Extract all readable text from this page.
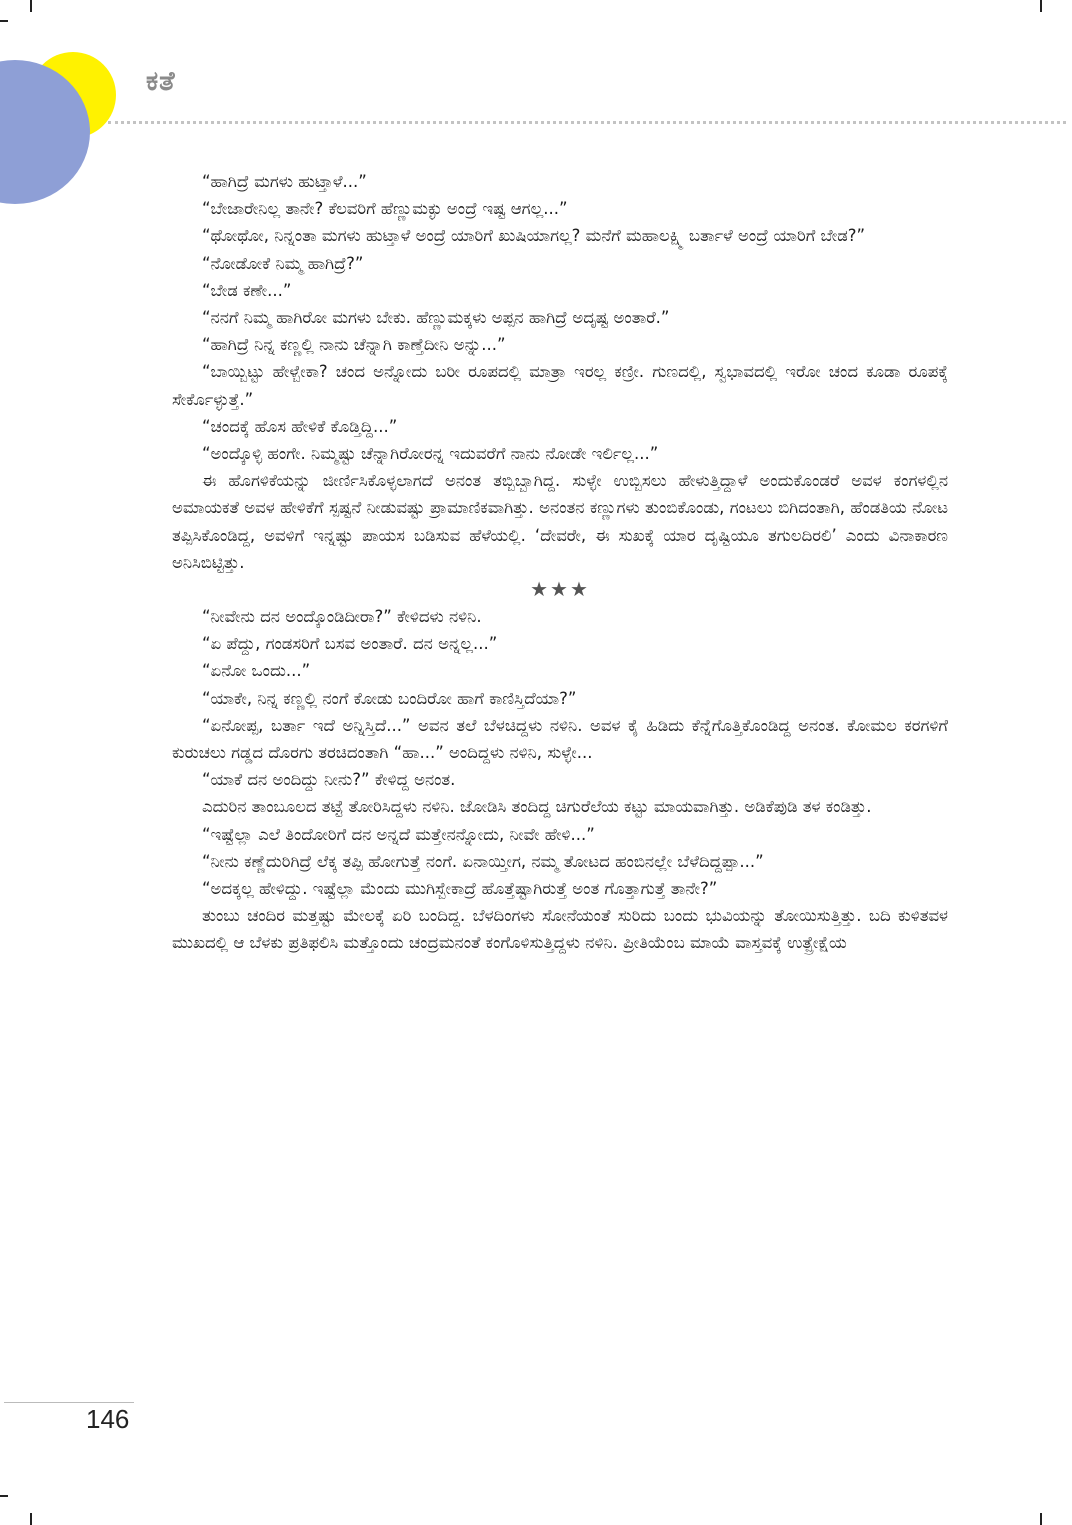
ಕತೆ

“ಹಾಗಿದ್ರೆ ಮಗಳು ಹುಟ್ತಾಳೆ...”

“ಬೇಜಾರೇನಿಲ್ಲ ತಾನೇ? ಕೆಲವರಿಗೆ ಹೆಣ್ಣುಮಕ್ಳು ಅಂದ್ರೆ ಇಷ್ಟ ಆಗಲ್ಲ...”

“ಥೋಥೋ, ನಿನ್ನಂತಾ ಮಗಳು ಹುಟ್ತಾಳೆ ಅಂದ್ರೆ ಯಾರಿಗೆ ಖುಷಿಯಾಗಲ್ಲ? ಮನೆಗೆ ಮಹಾಲಕ್ಷ್ಮಿ ಬರ್ತಾಳೆ ಅಂದ್ರೆ ಯಾರಿಗೆ ಬೇಡ?”

“ನೋಡೋಕೆ ನಿಮ್ಮ ಹಾಗಿದ್ರೆ?”

“ಬೇಡ ಕಣೇ...”

“ನನಗೆ ನಿಮ್ಮ ಹಾಗಿರೋ ಮಗಳು ಬೇಕು. ಹೆಣ್ಣುಮಕ್ಕಳು ಅಪ್ಪನ ಹಾಗಿದ್ರೆ ಅದೃಷ್ಟ ಅಂತಾರೆ.”

“ಹಾಗಿದ್ರೆ ನಿನ್ನ ಕಣ್ಣಲ್ಲಿ ನಾನು ಚೆನ್ನಾಗಿ ಕಾಣ್ತೆದೀನಿ ಅನ್ನು...”

“ಬಾಯ್ಬಿಟ್ಟು ಹೇಳ್ಬೇಕಾ? ಚಂದ ಅನ್ನೋದು ಬರೀ ರೂಪದಲ್ಲಿ ಮಾತ್ರಾ ಇರಲ್ಲ ಕಣ್ರೀ. ಗುಣದಲ್ಲಿ, ಸ್ವಭಾವದಲ್ಲಿ ಇರೋ ಚಂದ ಕೂಡಾ ರೂಪಕ್ಕೆ ಸೇರ್ಕೊಳ್ಳುತ್ತೆ.”

“ಚಂದಕ್ಕೆ ಹೊಸ ಹೇಳಿಕೆ ಕೊಡ್ತಿದ್ದಿ...”

“ಅಂದ್ಕೊಳ್ಳಿ ಹಂಗೇ. ನಿಮ್ಮಷ್ಟು ಚೆನ್ನಾಗಿರೋರನ್ನ ಇದುವರೆಗೆ ನಾನು ನೋಡೇ ಇರ್ಲಿಲ್ಲ...”

ಈ ಹೊಗಳಿಕೆಯನ್ನು ಜೀರ್ಣಿಸಿಕೊಳ್ಳಲಾಗದೆ ಅನಂತ ತಬ್ಬಿಬ್ಬಾಗಿದ್ದ. ಸುಳ್ಳೇ ಉಬ್ಬಿಸಲು ಹೇಳುತ್ತಿದ್ದಾಳೆ ಅಂದುಕೊಂಡರೆ ಅವಳ ಕಂಗಳಲ್ಲಿನ ಅಮಾಯಕತೆ ಅವಳ ಹೇಳಿಕೆಗೆ ಸ್ಪಷ್ಟನೆ ನೀಡುವಷ್ಟು ಪ್ರಾಮಾಣಿಕವಾಗಿತ್ತು. ಅನಂತನ ಕಣ್ಣುಗಳು ತುಂಬಿಕೊಂಡು, ಗಂಟಲು ಬಿಗಿದಂತಾಗಿ, ಹೆಂಡತಿಯ ನೋಟ ತಪ್ಪಿಸಿಕೊಂಡಿದ್ದ, ಅವಳಿಗೆ ಇನ್ನಷ್ಟು ಪಾಯಸ ಬಡಿಸುವ ಹೆಳೆಯಲ್ಲಿ. ‘ದೇವರೇ, ಈ ಸುಖಕ್ಕೆ ಯಾರ ದೃಷ್ಟಿಯೂ ತಗುಲದಿರಲಿ’ ಎಂದು ವಿನಾಕಾರಣ ಅನಿಸಿಬಿಟ್ಟಿತ್ತು.

★★★

“ನೀವೇನು ದನ ಅಂದ್ಕೊಂಡಿದೀರಾ?” ಕೇಳಿದಳು ನಳಿನಿ.

“ಏ ಪೆದ್ದು, ಗಂಡಸರಿಗೆ ಬಸವ ಅಂತಾರೆ. ದನ ಅನ್ನಲ್ಲ...”

“ಏನೋ ಒಂದು...”

“ಯಾಕೇ, ನಿನ್ನ ಕಣ್ಣಲ್ಲಿ ನಂಗೆ ಕೋಡು ಬಂದಿರೋ ಹಾಗೆ ಕಾಣಿಸ್ತಿದೆಯಾ?”

“ಏನೋಪ್ಪ, ಬರ್ತಾ ಇದೆ ಅನ್ನಿಸ್ತಿದೆ...” ಅವನ ತಲೆ ಬೆಳಚಿದ್ದಳು ನಳಿನಿ. ಅವಳ ಕೈ ಹಿಡಿದು ಕೆನ್ನೆಗೊತ್ತಿಕೊಂಡಿದ್ದ ಅನಂತ. ಕೋಮಲ ಕರಗಳಿಗೆ ಕುರುಚಲು ಗಡ್ಡದ ದೊರಗು ತರಚಿದಂತಾಗಿ “ಹಾ...” ಅಂದಿದ್ದಳು ನಳಿನಿ, ಸುಳ್ಳೇ...

“ಯಾಕೆ ದನ ಅಂದಿದ್ದು ನೀನು?” ಕೇಳಿದ್ದ ಅನಂತ.

ಎದುರಿನ ತಾಂಬೂಲದ ತಟ್ಟೆ ತೋರಿಸಿದ್ದಳು ನಳಿನಿ. ಜೋಡಿಸಿ ತಂದಿದ್ದ ಚಿಗುರೆಲೆಯ ಕಟ್ಟು ಮಾಯವಾಗಿತ್ತು. ಅಡಿಕೆಪುಡಿ ತಳ ಕಂಡಿತ್ತು.

“ಇಷ್ಟೆಲ್ಲಾ ಎಲೆ ತಿಂದೋರಿಗೆ ದನ ಅನ್ನದೆ ಮತ್ತೇನನ್ನೋದು, ನೀವೇ ಹೇಳಿ...”

“ನೀನು ಕಣ್ಣೆದುರಿಗಿದ್ರೆ ಲೆಕ್ಕ ತಪ್ಪಿ ಹೋಗುತ್ತೆ ನಂಗೆ. ಏನಾಯ್ತೀಗ, ನಮ್ಮ ತೋಟದ ಹಂಬಿನಲ್ಲೇ ಬೆಳೆದಿದ್ದಪ್ಪಾ...”

“ಅದಕ್ಕಲ್ಲ ಹೇಳಿದ್ದು. ಇಷ್ಟೆಲ್ಲಾ ಮೆಂದು ಮುಗಿಸ್ಬೇಕಾದ್ರೆ ಹೊತ್ತೆಷ್ಟಾಗಿರುತ್ತೆ ಅಂತ ಗೊತ್ತಾಗುತ್ತೆ ತಾನೇ?”

ತುಂಬು ಚಂದಿರ ಮತ್ತಷ್ಟು ಮೇಲಕ್ಕೆ ಏರಿ ಬಂದಿದ್ದ. ಬೆಳದಿಂಗಳು ಸೋನೆಯಂತೆ ಸುರಿದು ಬಂದು ಭುವಿಯನ್ನು ತೋಯಿಸುತ್ತಿತ್ತು. ಬದಿ ಕುಳಿತವಳ ಮುಖದಲ್ಲಿ ಆ ಬೆಳಕು ಪ್ರತಿಫಲಿಸಿ ಮತ್ತೊಂದು ಚಂದ್ರಮನಂತೆ ಕಂಗೊಳಿಸುತ್ತಿದ್ದಳು ನಳಿನಿ. ಪ್ರೀತಿಯೆಂಬ ಮಾಯೆ ವಾಸ್ತವಕ್ಕೆ ಉತ್ಪ್ರೇಕ್ಷೆಯ

146
